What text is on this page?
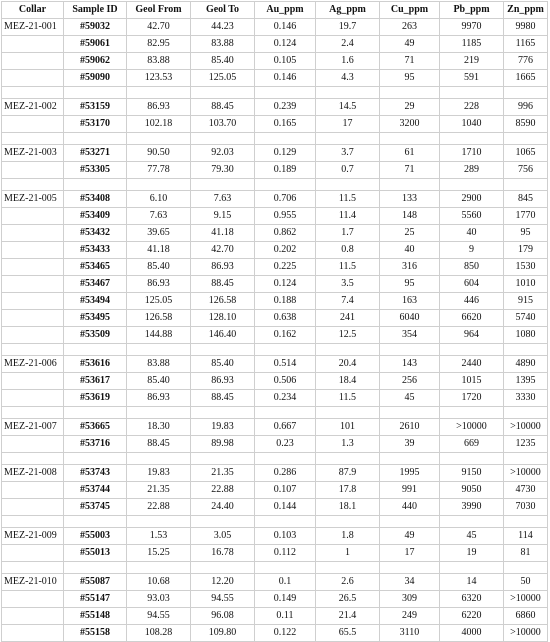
Collar	Sample ID	Geol From	Geol To	Au_ppm	Ag_ppm	Cu_ppm	Pb_ppm	Zn_ppm
MEZ-21-001	#59032	42.70	44.23	0.146	19.7	263	9970	9980
	#59061	82.95	83.88	0.124	2.4	49	1185	1165
	#59062	83.88	85.40	0.105	1.6	71	219	776
	#59090	123.53	125.05	0.146	4.3	95	591	1665

MEZ-21-002	#53159	86.93	88.45	0.239	14.5	29	228	996
	#53170	102.18	103.70	0.165	17	3200	1040	8590

MEZ-21-003	#53271	90.50	92.03	0.129	3.7	61	1710	1065
	#53305	77.78	79.30	0.189	0.7	71	289	756

MEZ-21-005	#53408	6.10	7.63	0.706	11.5	133	2900	845
	#53409	7.63	9.15	0.955	11.4	148	5560	1770
	#53432	39.65	41.18	0.862	1.7	25	40	95
	#53433	41.18	42.70	0.202	0.8	40	9	179
	#53465	85.40	86.93	0.225	11.5	316	850	1530
	#53467	86.93	88.45	0.124	3.5	95	604	1010
	#53494	125.05	126.58	0.188	7.4	163	446	915
	#53495	126.58	128.10	0.638	241	6040	6620	5740
	#53509	144.88	146.40	0.162	12.5	354	964	1080

MEZ-21-006	#53616	83.88	85.40	0.514	20.4	143	2440	4890
	#53617	85.40	86.93	0.506	18.4	256	1015	1395
	#53619	86.93	88.45	0.234	11.5	45	1720	3330

MEZ-21-007	#53665	18.30	19.83	0.667	101	2610	>10000	>10000
	#53716	88.45	89.98	0.23	1.3	39	669	1235

MEZ-21-008	#53743	19.83	21.35	0.286	87.9	1995	9150	>10000
	#53744	21.35	22.88	0.107	17.8	991	9050	4730
	#53745	22.88	24.40	0.144	18.1	440	3990	7030

MEZ-21-009	#55003	1.53	3.05	0.103	1.8	49	45	114
	#55013	15.25	16.78	0.112	1	17	19	81

MEZ-21-010	#55087	10.68	12.20	0.1	2.6	34	14	50
	#55147	93.03	94.55	0.149	26.5	309	6320	>10000
	#55148	94.55	96.08	0.11	21.4	249	6220	6860
	#55158	108.28	109.80	0.122	65.5	3110	4000	>10000
